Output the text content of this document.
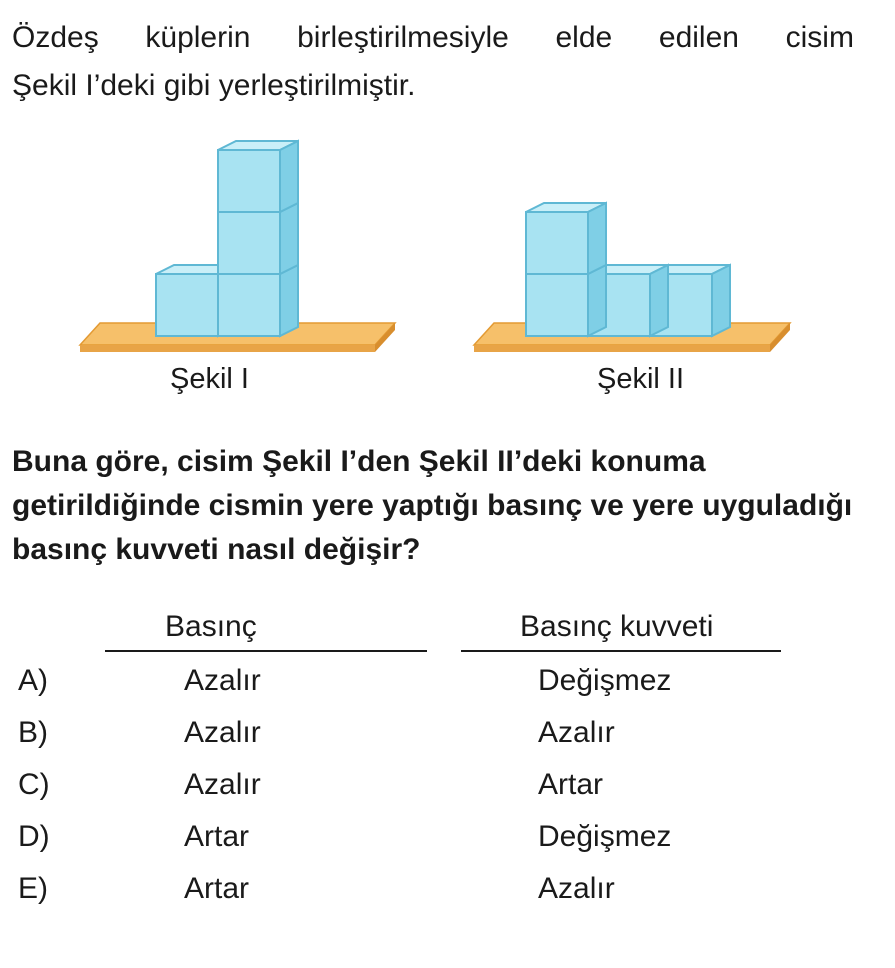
Özdeş küplerin birleştirilmesiyle elde edilen cisim
Şekil I’deki gibi yerleştirilmiştir.
Şekil I	Şekil II
Buna göre, cisim Şekil I’den Şekil II’deki konuma getirildiğinde cismin yere yaptığı basınç ve yere uyguladığı basınç kuvveti nasıl değişir?
Basınç	Basınç kuvveti
A)	Azalır	Değişmez
B)	Azalır	Azalır
C)	Azalır	Artar
D)	Artar	Değişmez
E)	Artar	Azalır
